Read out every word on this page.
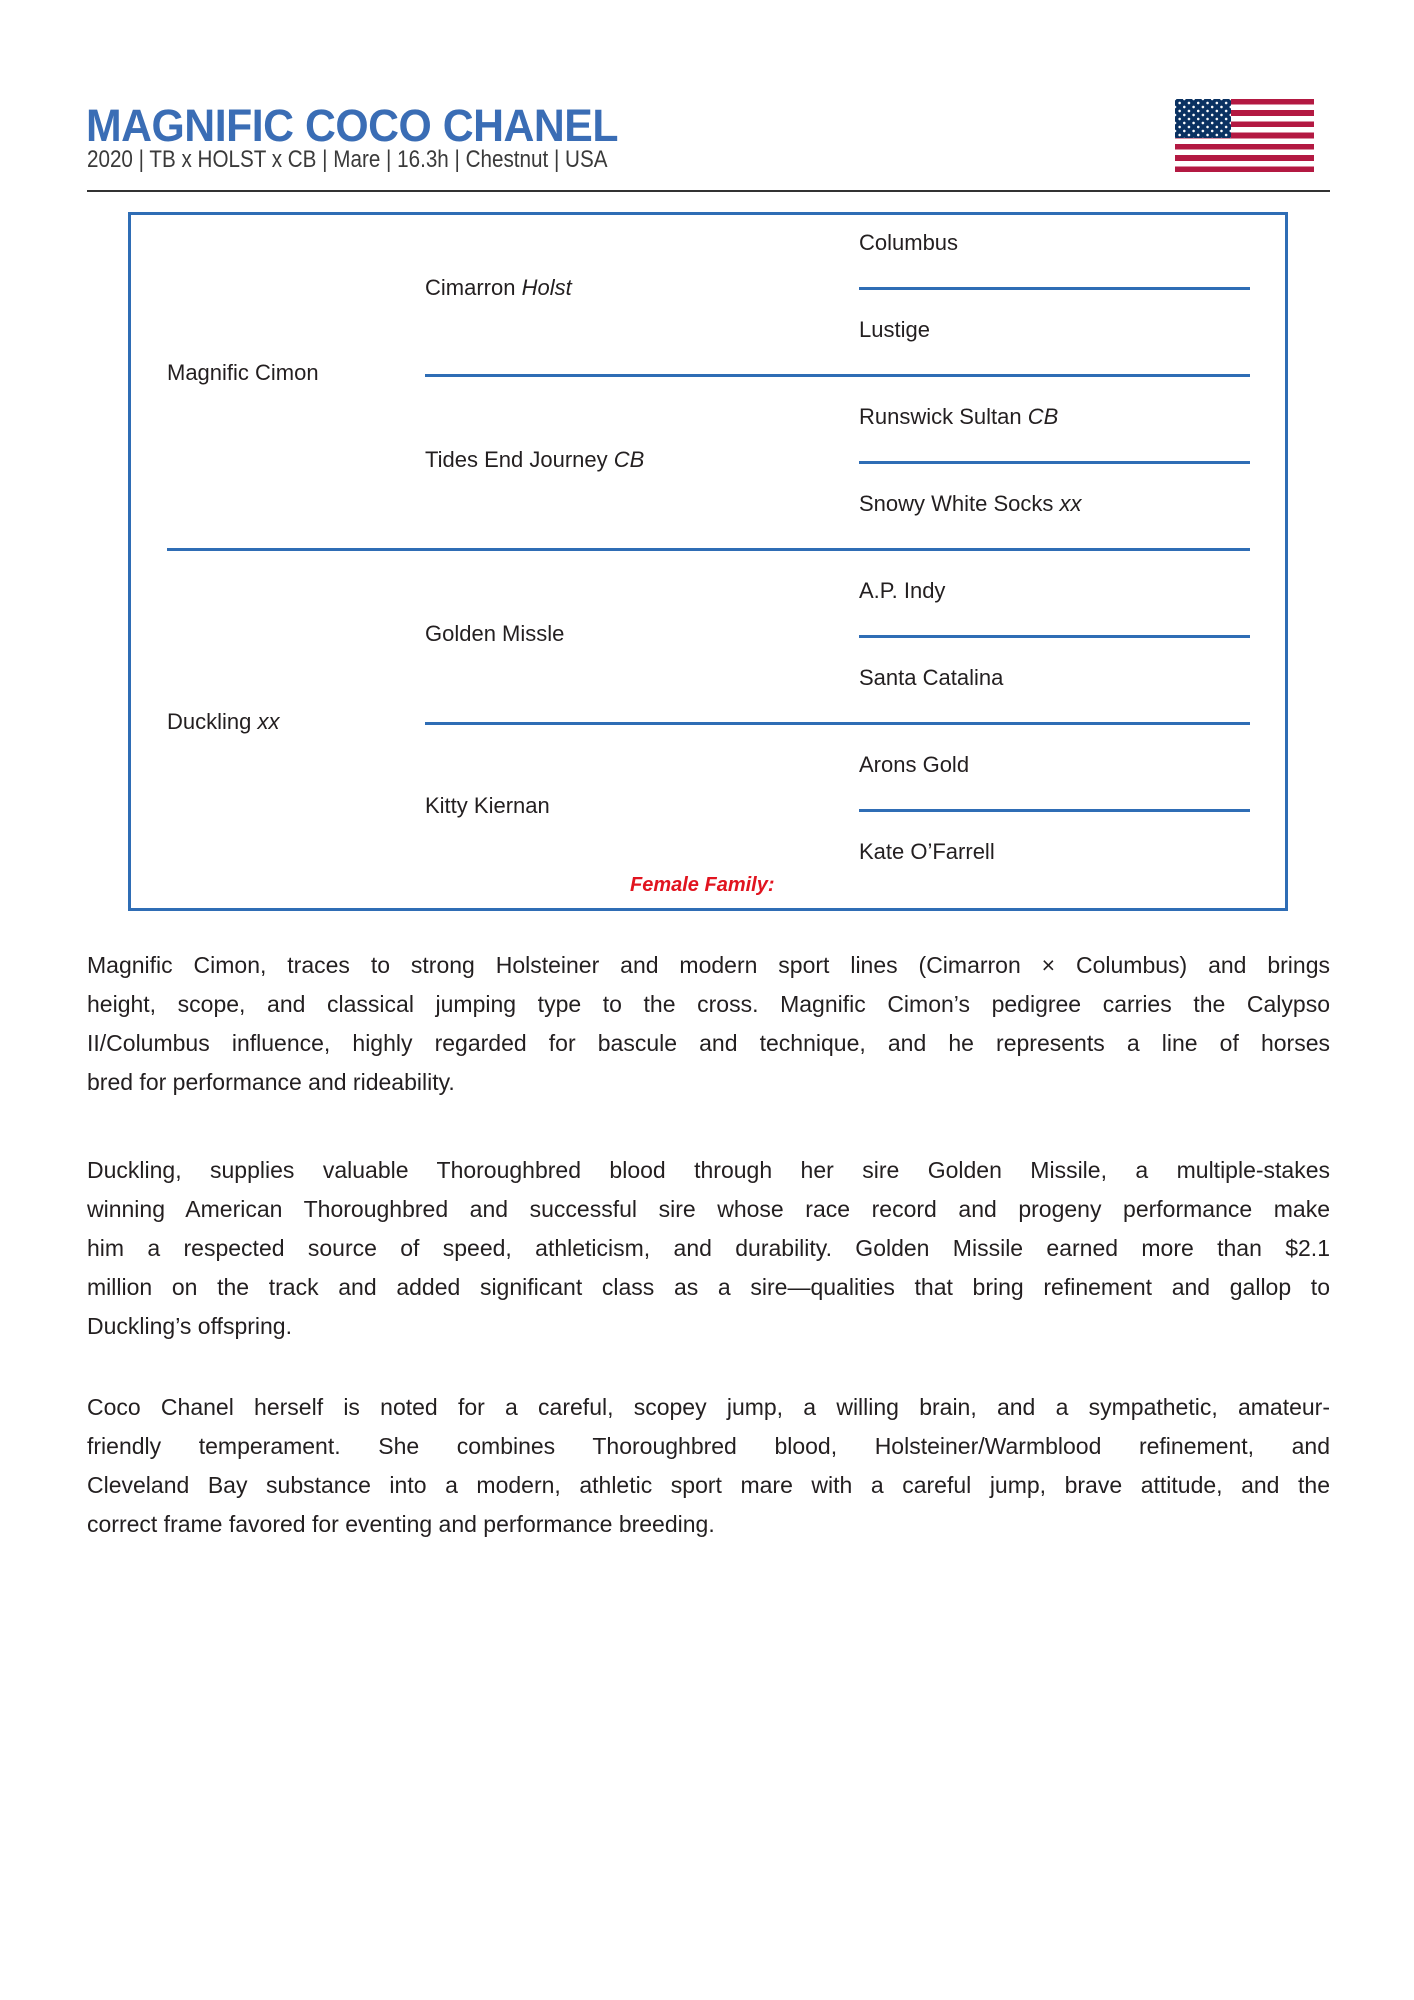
MAGNIFIC COCO CHANEL
2020 | TB x HOLST x CB | Mare | 16.3h | Chestnut | USA
Magnific Cimon
Duckling xx
Cimarron Holst
Tides End Journey CB
Golden Missle
Kitty Kiernan
Columbus
Lustige
Runswick Sultan CB
Snowy White Socks xx
A.P. Indy
Santa Catalina
Arons Gold
Kate O’Farrell
Female Family:
Magnific Cimon, traces to strong Holsteiner and modern sport lines (Cimarron × Columbus) and brings
height, scope, and classical jumping type to the cross. Magnific Cimon’s pedigree carries the Calypso
II/Columbus influence, highly regarded for bascule and technique, and he represents a line of horses
bred for performance and rideability.
Duckling, supplies valuable Thoroughbred blood through her sire Golden Missile, a multiple-stakes
winning American Thoroughbred and successful sire whose race record and progeny performance make
him a respected source of speed, athleticism, and durability. Golden Missile earned more than $2.1
million on the track and added significant class as a sire—qualities that bring refinement and gallop to
Duckling’s offspring.
Coco Chanel herself is noted for a careful, scopey jump, a willing brain, and a sympathetic, amateur-
friendly temperament. She combines Thoroughbred blood, Holsteiner/Warmblood refinement, and
Cleveland Bay substance into a modern, athletic sport mare with a careful jump, brave attitude, and the
correct frame favored for eventing and performance breeding.
